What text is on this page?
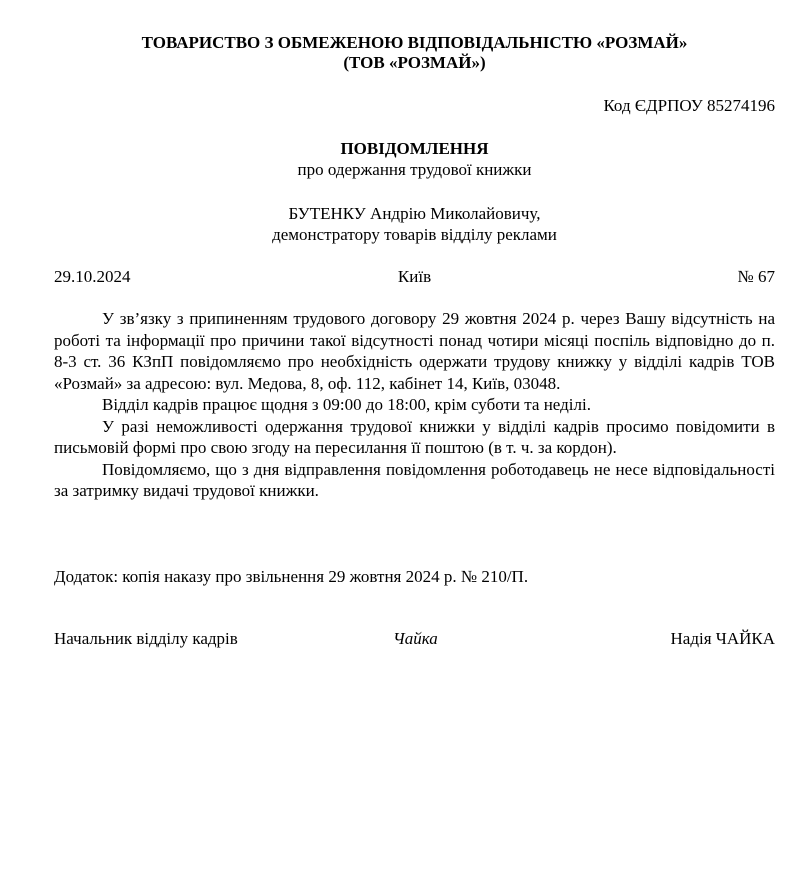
ТОВАРИСТВО З ОБМЕЖЕНОЮ ВІДПОВІДАЛЬНІСТЮ «РОЗМАЙ»
(ТОВ «РОЗМАЙ»)
Код ЄДРПОУ 85274196
ПОВІДОМЛЕННЯ
про одержання трудової книжки
БУТЕНКУ Андрію Миколайовичу,
демонстратору товарів відділу реклами
Київ
29.10.2024	№ 67

У зв’язку з припиненням трудового договору 29 жовтня 2024 р. через Вашу відсутність на роботі та інформації про причини такої відсутності понад чотири місяці поспіль відповідно до п. 8-3 ст. 36 КЗпП повідомляємо про необхідність одержати трудову книжку у відділі кадрів ТОВ «Розмай» за адресою: вул. Медова, 8, оф. 112, кабінет 14, Київ, 03048.

Відділ кадрів працює щодня з 09:00 до 18:00, крім суботи та неділі.

У разі неможливості одержання трудової книжки у відділі кадрів просимо повідомити в письмовій формі про свою згоду на пересилання її поштою (в т. ч. за кордон).

Повідомляємо, що з дня відправлення повідомлення роботодавець не несе відповідальності за затримку видачі трудової книжки.

Додаток: копія наказу про звільнення 29 жовтня 2024 р. № 210/П.
Начальник відділу кадрів	Чайка	Надія ЧАЙКА
